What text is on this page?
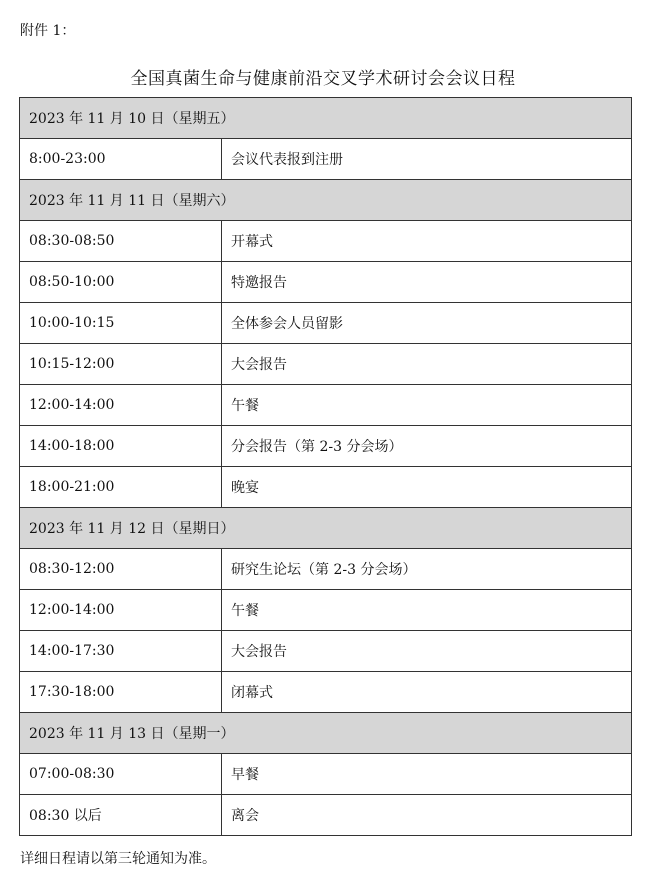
附件 1：
全国真菌生命与健康前沿交叉学术研讨会会议日程
2023 年 11 月 10 日（星期五）	
8:00-23:00	会议代表报到注册
2023 年 11 月 11 日（星期六）	
08:30-08:50	开幕式
08:50-10:00	特邀报告
10:00-10:15	全体参会人员留影
10:15-12:00	大会报告
12:00-14:00	午餐
14:00-18:00	分会报告（第 2-3 分会场）
18:00-21:00	晚宴
2023 年 11 月 12 日（星期日）	
08:30-12:00	研究生论坛（第 2-3 分会场）
12:00-14:00	午餐
14:00-17:30	大会报告
17:30-18:00	闭幕式
2023 年 11 月 13 日（星期一）	
07:00-08:30	早餐
08:30 以后	离会
详细日程请以第三轮通知为准。
